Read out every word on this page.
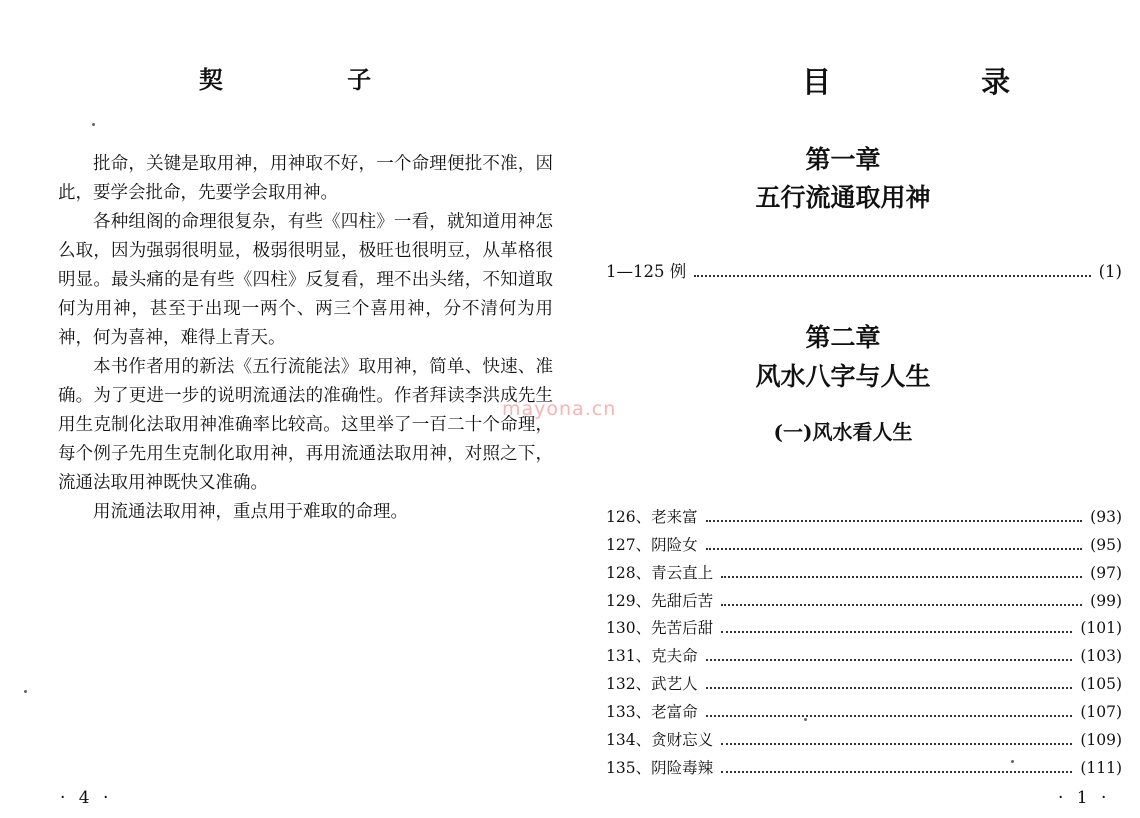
契 子

批命，关键是取用神，用神取不好，一个命理便批不准，因此，要学会批命，先要学会取用神。

各种组阁的命理很复杂，有些《四柱》一看，就知道用神怎么取，因为强弱很明显，极弱很明显，极旺也很明豆，从革格很明显。最头痛的是有些《四柱》反复看，理不出头绪，不知道取何为用神，甚至于出现一两个、两三个喜用神，分不清何为用神，何为喜神，难得上青天。

本书作者用的新法《五行流能法》取用神，简单、快速、准确。为了更进一步的说明流通法的准确性。作者拜读李洪成先生用生克制化法取用神准确率比较高。这里举了一百二十个命理，每个例子先用生克制化取用神，再用流通法取用神，对照之下，流通法取用神既快又准确。

用流通法取用神，重点用于难取的命理。

· 4 ·
目 录
第一章
五行流通取用神
1—125 例	(1)
第二章
风水八字与人生
(一)风水看人生
126、老来富	(93)
127、阴险女	(95)
128、青云直上	(97)
129、先甜后苦	(99)
130、先苦后甜	(101)
131、克夫命	(103)
132、武艺人	(105)
133、老富命	(107)
134、贪财忘义	(109)
135、阴险毒辣	(111)
· 1 ·
mayona.cn
